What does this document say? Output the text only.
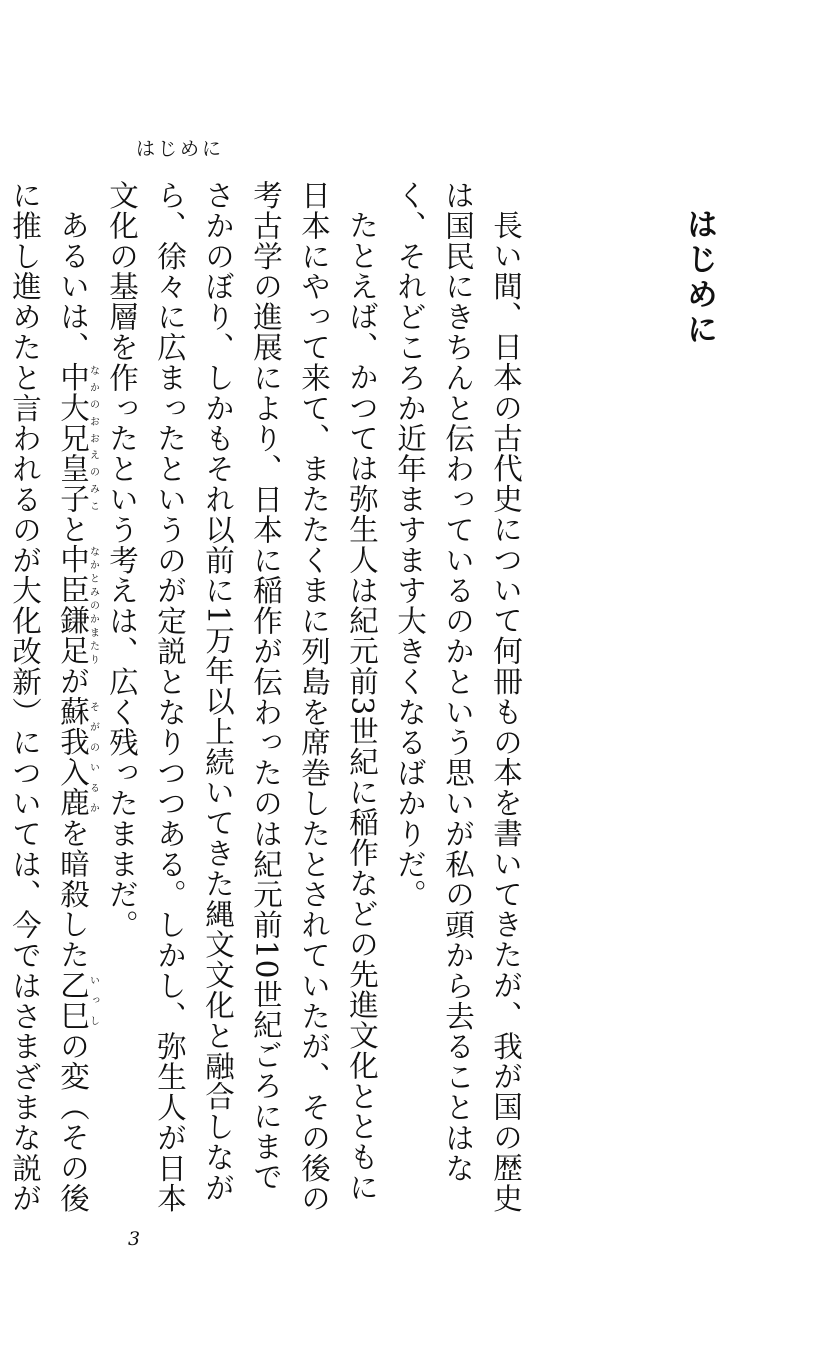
はじめに
はじめに

長い間、日本の古代史について何冊もの本を書いてきたが、我が国の歴史は国民にきちんと伝わっているのかという思いが私の頭から去ることはなく、それどころか近年ますます大きくなるばかりだ。

たとえば、かつては弥生人は紀元前3世紀に稲作などの先進文化とともに日本にやって来て、またたくまに列島を席巻したとされていたが、その後の考古学の進展により、日本に稲作が伝わったのは紀元前10世紀ごろにまでさかのぼり、しかもそれ以前に1万年以上続いてきた縄文文化と融合しながら、徐々に広まったというのが定説となりつつある。しかし、弥生人が日本文化の基層を作ったという考えは、広く残ったままだ。

あるいは、中大兄皇子なかのおおえのみこと中臣鎌足なかとみのかまたりが蘇我入鹿そがのいるかを暗殺した乙巳いっしの変（その後に推し進めたと言われるのが大化改新）については、今ではさまざまな説が

3
